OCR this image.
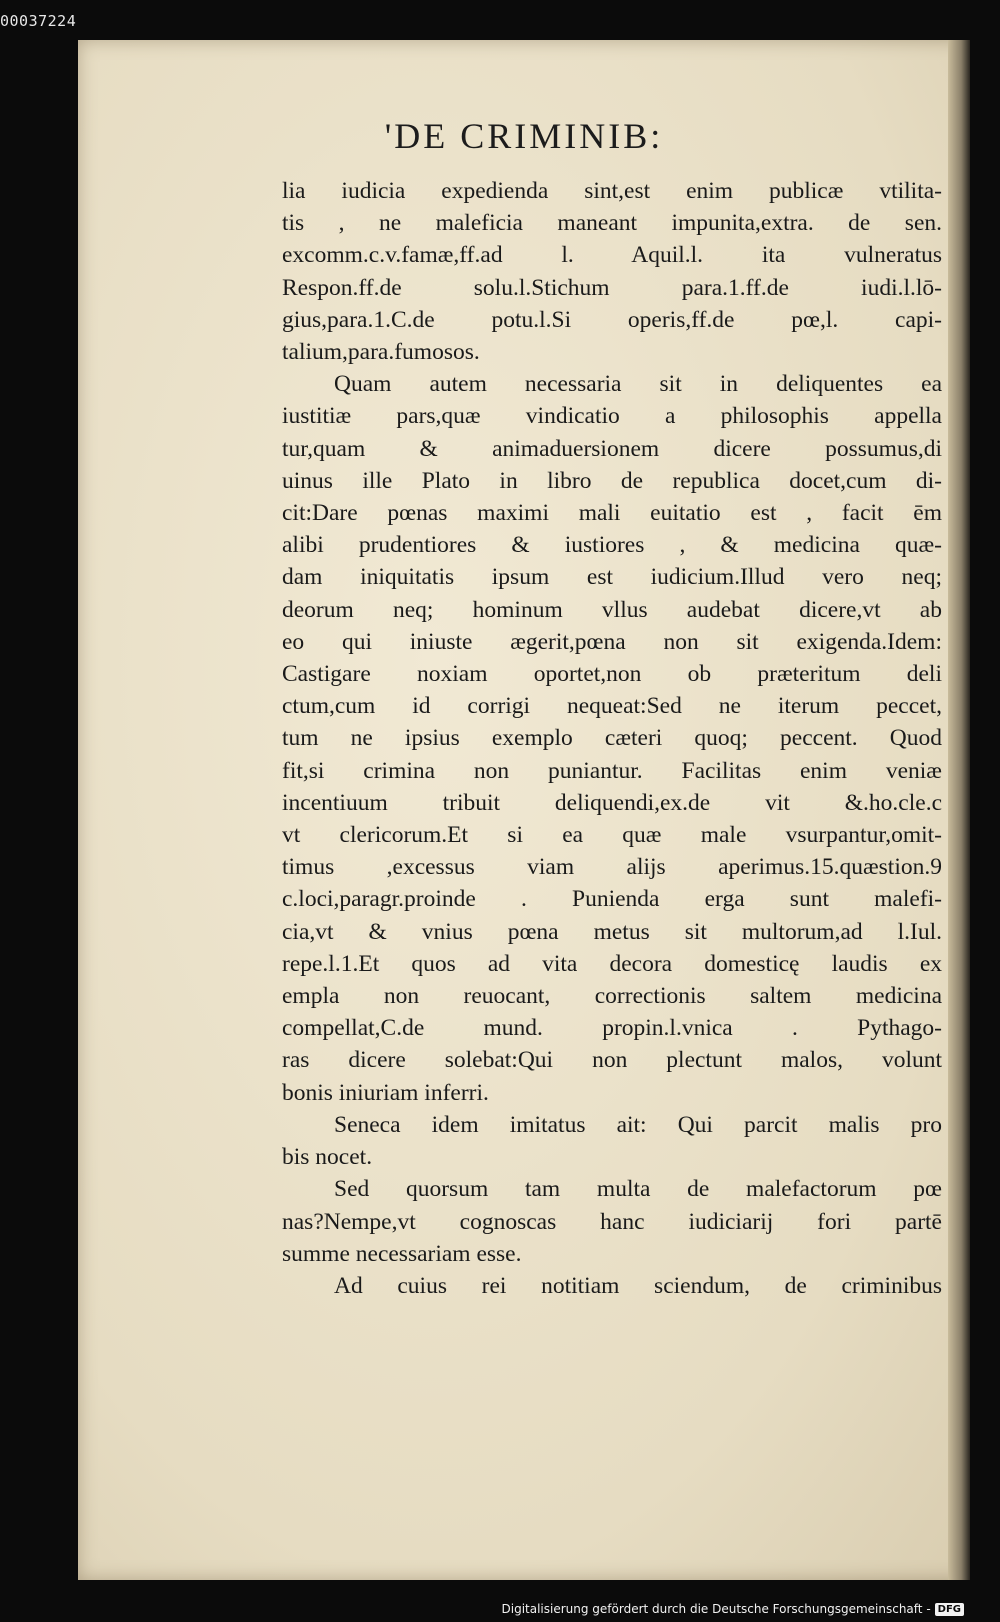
00037224
'DE CRIMINIB:
lia iudicia expedienda sint,est enim publicæ vtilita-
tis , ne maleficia maneant impunita,extra. de sen.
excomm.c.v.famæ,ff.ad l. Aquil.l. ita vulneratus
Respon.ff.de solu.l.Stichum para.1.ff.de iudi.l.lō-
gius,para.1.C.de potu.l.Si operis,ff.de pœ,l. capi-
talium,para.fumosos.
Quam autem necessaria sit in deliquentes ea
iustitiæ pars,quæ vindicatio a philosophis appella
tur,quam & animaduersionem dicere possumus,di
uinus ille Plato in libro de republica docet,cum di-
cit:Dare pœnas maximi mali euitatio est , facit ēm
alibi prudentiores & iustiores , & medicina quæ-
dam iniquitatis ipsum est iudicium.Illud vero neq;
deorum neq; hominum vllus audebat dicere,vt ab
eo qui iniuste ægerit,pœna non sit exigenda.Idem:
Castigare noxiam oportet,non ob præteritum deli
ctum,cum id corrigi nequeat:Sed ne iterum peccet,
tum ne ipsius exemplo cæteri quoq; peccent. Quod
fit,si crimina non puniantur. Facilitas enim veniæ
incentiuum tribuit deliquendi,ex.de vit &.ho.cle.c
vt clericorum.Et si ea quæ male vsurpantur,omit-
timus ,excessus viam alijs aperimus.15.quæstion.9
c.loci,paragr.proinde . Punienda erga sunt malefi-
cia,vt & vnius pœna metus sit multorum,ad l.Iul.
repe.l.1.Et quos ad vita decora domesticę laudis ex
empla non reuocant, correctionis saltem medicina
compellat,C.de mund. propin.l.vnica . Pythago-
ras dicere solebat:Qui non plectunt malos, volunt
bonis iniuriam inferri.
Seneca idem imitatus ait: Qui parcit malis pro
bis nocet.
Sed quorsum tam multa de malefactorum pœ
nas?Nempe,vt cognoscas hanc iudiciarij fori partē
summe necessariam esse.
Ad cuius rei notitiam sciendum, de criminibus
Digitalisierung gefördert durch die Deutsche Forschungsgemeinschaft - DFG
